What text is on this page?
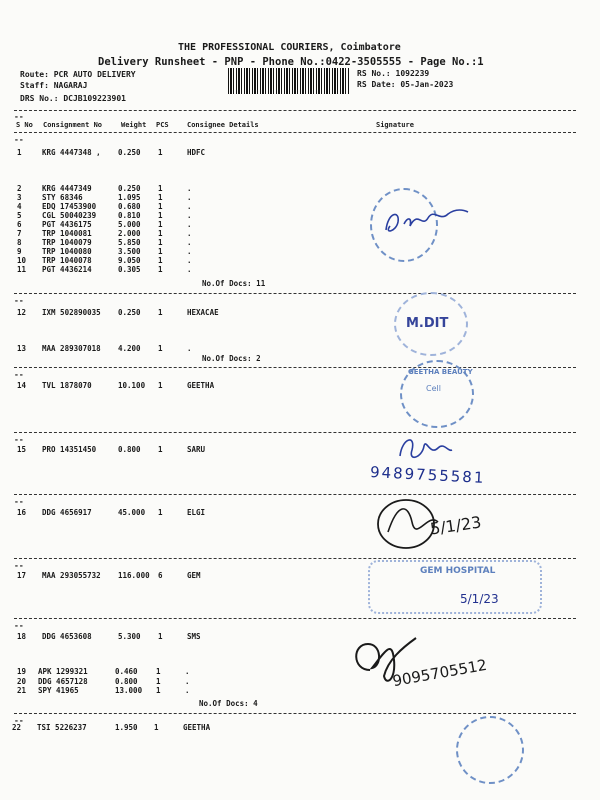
THE PROFESSIONAL COURIERS, Coimbatore
Delivery Runsheet - PNP - Phone No.:0422-3505555 - Page No.:1
Route: PCR AUTO DELIVERY
Staff: NAGARAJ
DRS No.: DCJB109223901
RS No.: 1092239
RS Date: 05-Jan-2023
--
S No Consignment No	Weight PCS	Consignee Details	Signature
--
1	KRG 4447348 , 0.250 1	HDFC
2	KRG 4447349	0.250 1	.
3	STY 68346	1.095 1	.
4	EDQ 17453900	0.680 1	.
5	CGL 50040239	0.810 1	.
6	PGT 4436175	5.000 1	.
7	TRP 1040081	2.000 1	.
8	TRP 1040079	5.850 1	.
9	TRP 1040080	3.500 1	.
10 TRP 1040078	9.050 1	.
11 PGT 4436214	0.305 1	.
No.Of Docs: 11
--
12 IXM 502890035 0.250 1	HEXACAE
13 MAA 289307018 4.200 1	.
No.Of Docs: 2
--
14 TVL 1878070	10.100 1	GEETHA
--
15 PRO 14351450	0.800 1	SARU
--
16 DDG 4656917	45.000 1	ELGI
--
17 MAA 293055732 116.000 6	GEM
--
18 DDG 4653608	5.300 1	SMS
19 APK 1299321	0.460 1	.
20 DDG 4657128	0.800 1	.
21 SPY 41965	13.000 1	.
No.Of Docs: 4
--
22 TSI 5226237	1.950 1	GEETHA
M.DIT
GEETHA BEAUTY
Cell
9489755581
5/1/23
GEM HOSPITAL
5/1/23
9095705512
